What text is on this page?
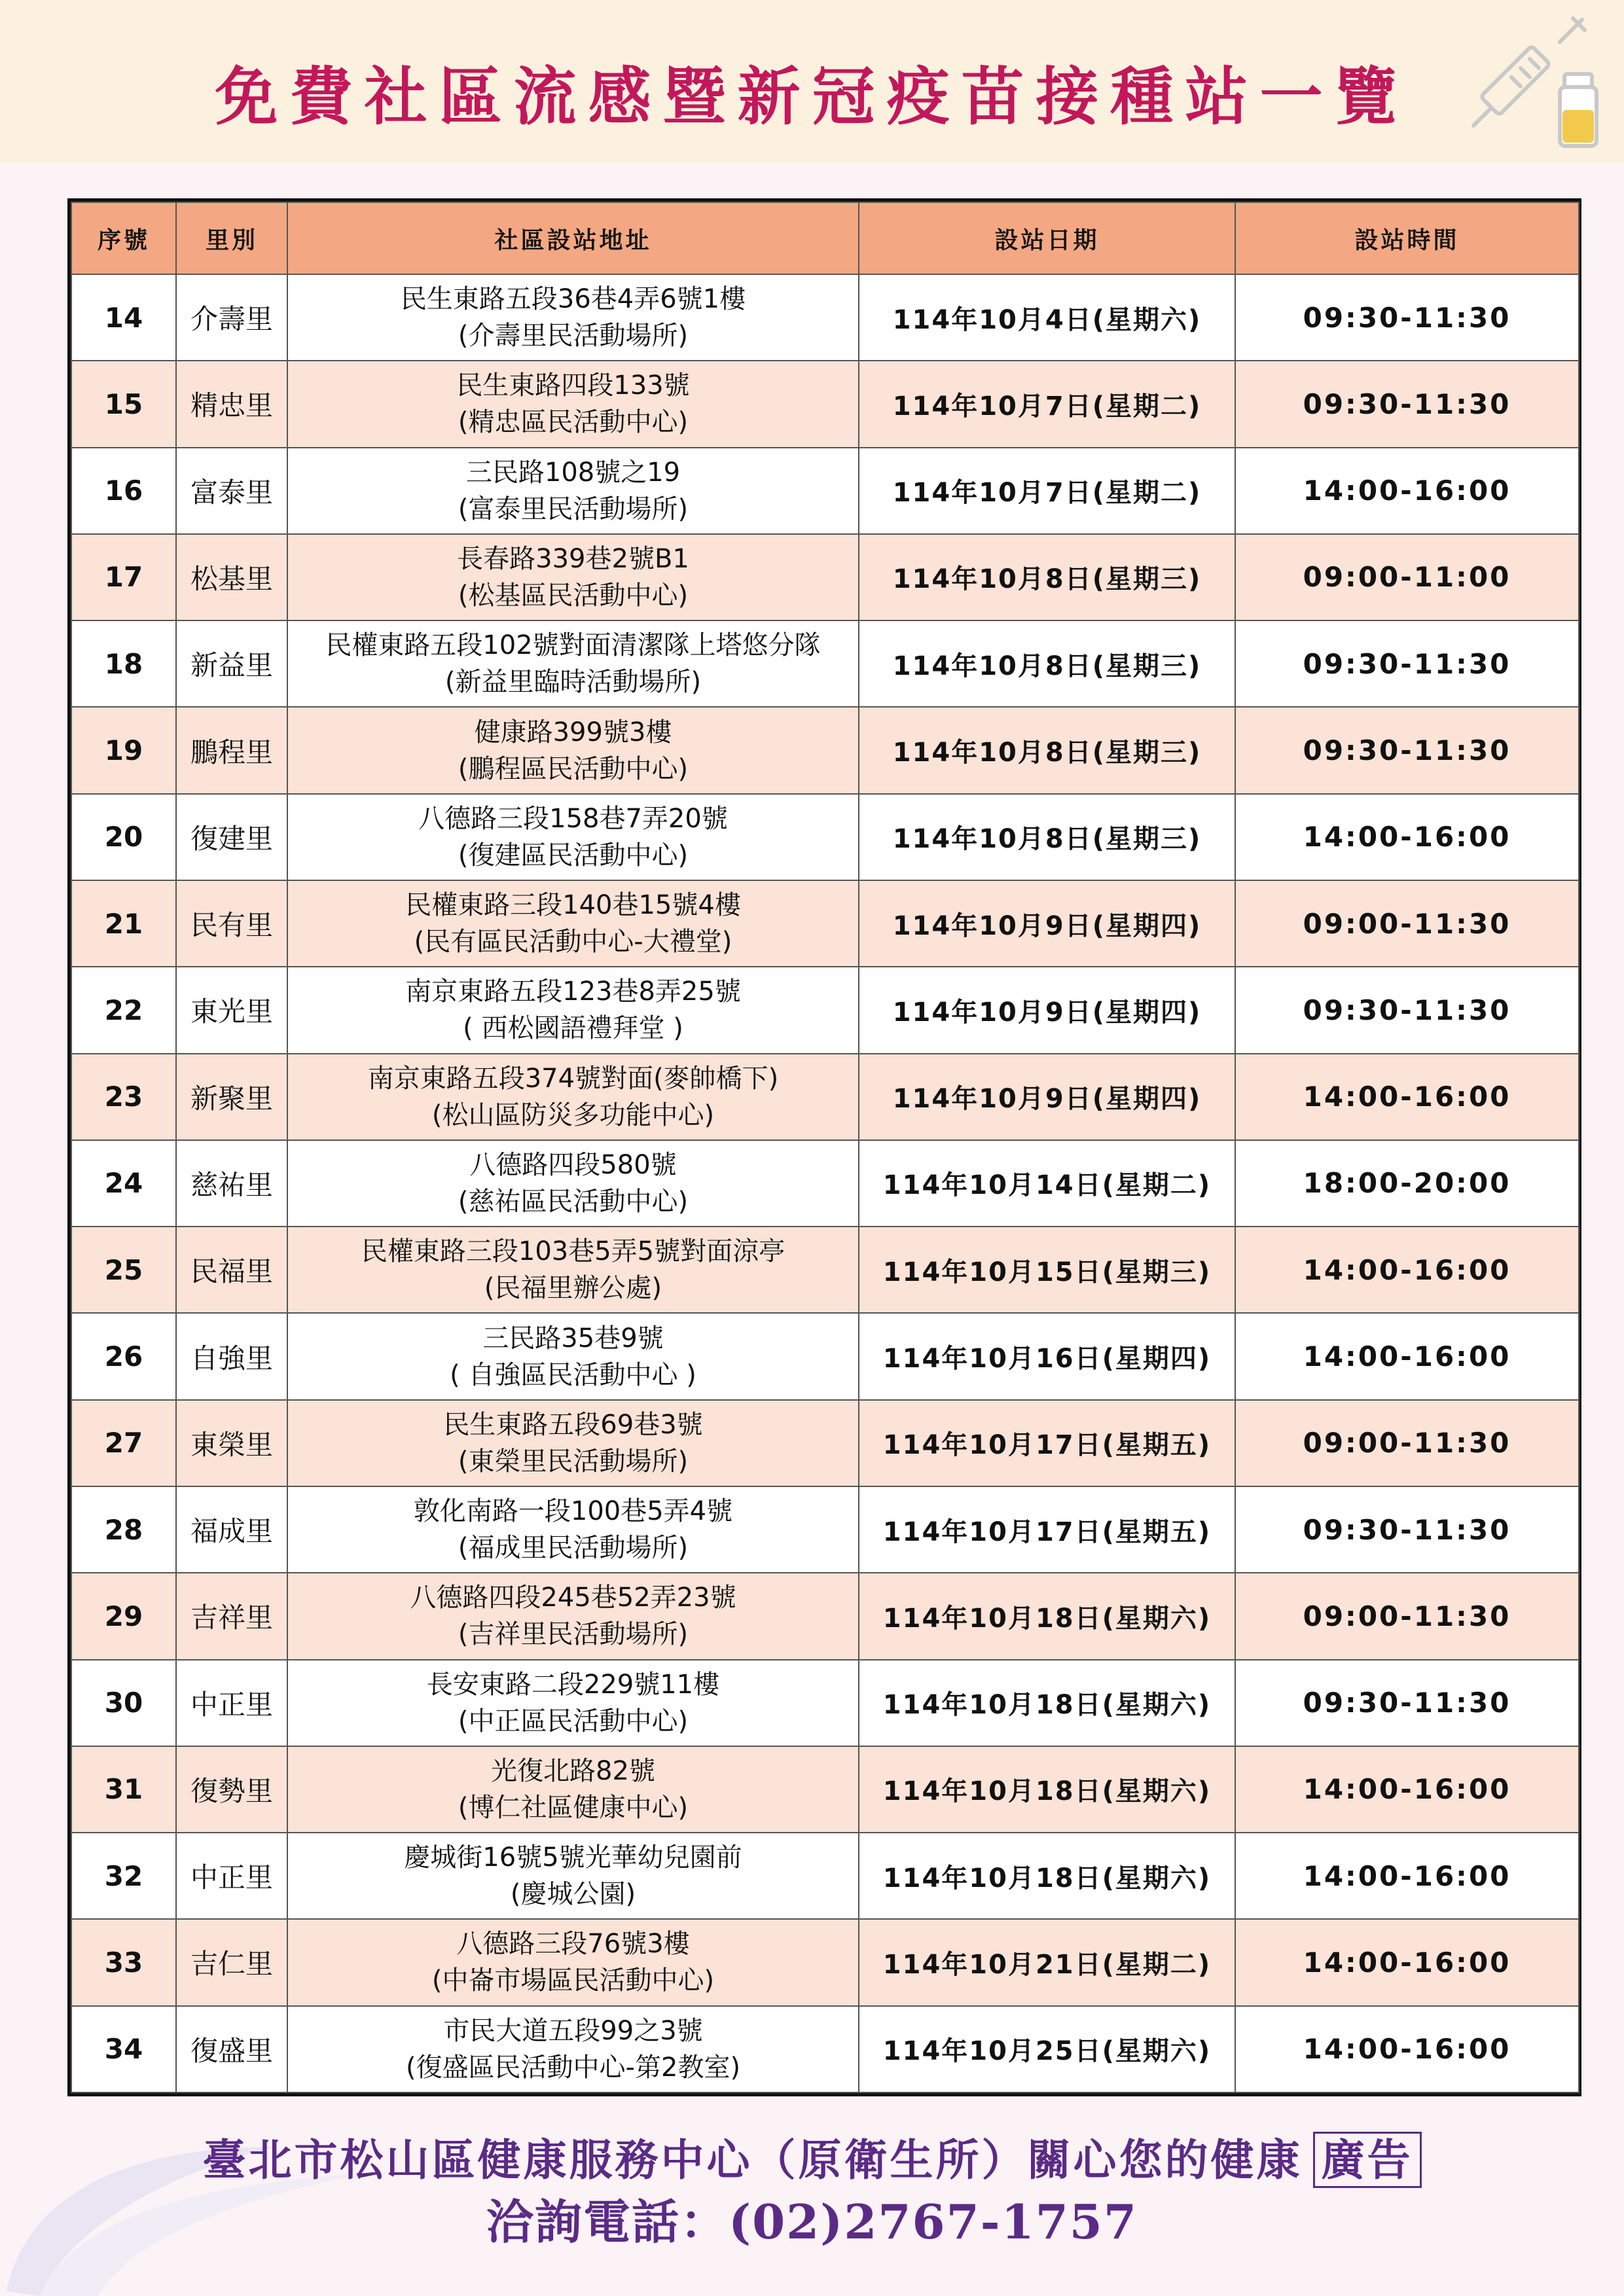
免費社區流感暨新冠疫苗接種站一覽
序號	里別	社區設站地址	設站日期	設站時間
14	介壽里	民生東路五段36巷4弄6號1樓
(介壽里民活動場所)	114年10月4日(星期六)	09:30-11:30
15	精忠里	民生東路四段133號
(精忠區民活動中心)	114年10月7日(星期二)	09:30-11:30
16	富泰里	三民路108號之19
(富泰里民活動場所)	114年10月7日(星期二)	14:00-16:00
17	松基里	長春路339巷2號B1
(松基區民活動中心)	114年10月8日(星期三)	09:00-11:00
18	新益里	民權東路五段102號對面清潔隊上塔悠分隊
(新益里臨時活動場所)	114年10月8日(星期三)	09:30-11:30
19	鵬程里	健康路399號3樓
(鵬程區民活動中心)	114年10月8日(星期三)	09:30-11:30
20	復建里	八德路三段158巷7弄20號
(復建區民活動中心)	114年10月8日(星期三)	14:00-16:00
21	民有里	民權東路三段140巷15號4樓
(民有區民活動中心-大禮堂)	114年10月9日(星期四)	09:00-11:30
22	東光里	南京東路五段123巷8弄25號
( 西松國語禮拜堂 )	114年10月9日(星期四)	09:30-11:30
23	新聚里	南京東路五段374號對面(麥帥橋下)
(松山區防災多功能中心)	114年10月9日(星期四)	14:00-16:00
24	慈祐里	八德路四段580號
(慈祐區民活動中心)	114年10月14日(星期二)	18:00-20:00
25	民福里	民權東路三段103巷5弄5號對面涼亭
(民福里辦公處)	114年10月15日(星期三)	14:00-16:00
26	自強里	三民路35巷9號
( 自強區民活動中心 )	114年10月16日(星期四)	14:00-16:00
27	東榮里	民生東路五段69巷3號
(東榮里民活動場所)	114年10月17日(星期五)	09:00-11:30
28	福成里	敦化南路一段100巷5弄4號
(福成里民活動場所)	114年10月17日(星期五)	09:30-11:30
29	吉祥里	八德路四段245巷52弄23號
(吉祥里民活動場所)	114年10月18日(星期六)	09:00-11:30
30	中正里	長安東路二段229號11樓
(中正區民活動中心)	114年10月18日(星期六)	09:30-11:30
31	復勢里	光復北路82號
(博仁社區健康中心)	114年10月18日(星期六)	14:00-16:00
32	中正里	慶城街16號5號光華幼兒園前
(慶城公園)	114年10月18日(星期六)	14:00-16:00
33	吉仁里	八德路三段76號3樓
(中崙市場區民活動中心)	114年10月21日(星期二)	14:00-16:00
34	復盛里	市民大道五段99之3號
(復盛區民活動中心-第2教室)	114年10月25日(星期六)	14:00-16:00
臺北市松山區健康服務中心（原衛生所）關心您的健康 廣告
洽詢電話：(02)2767-1757
